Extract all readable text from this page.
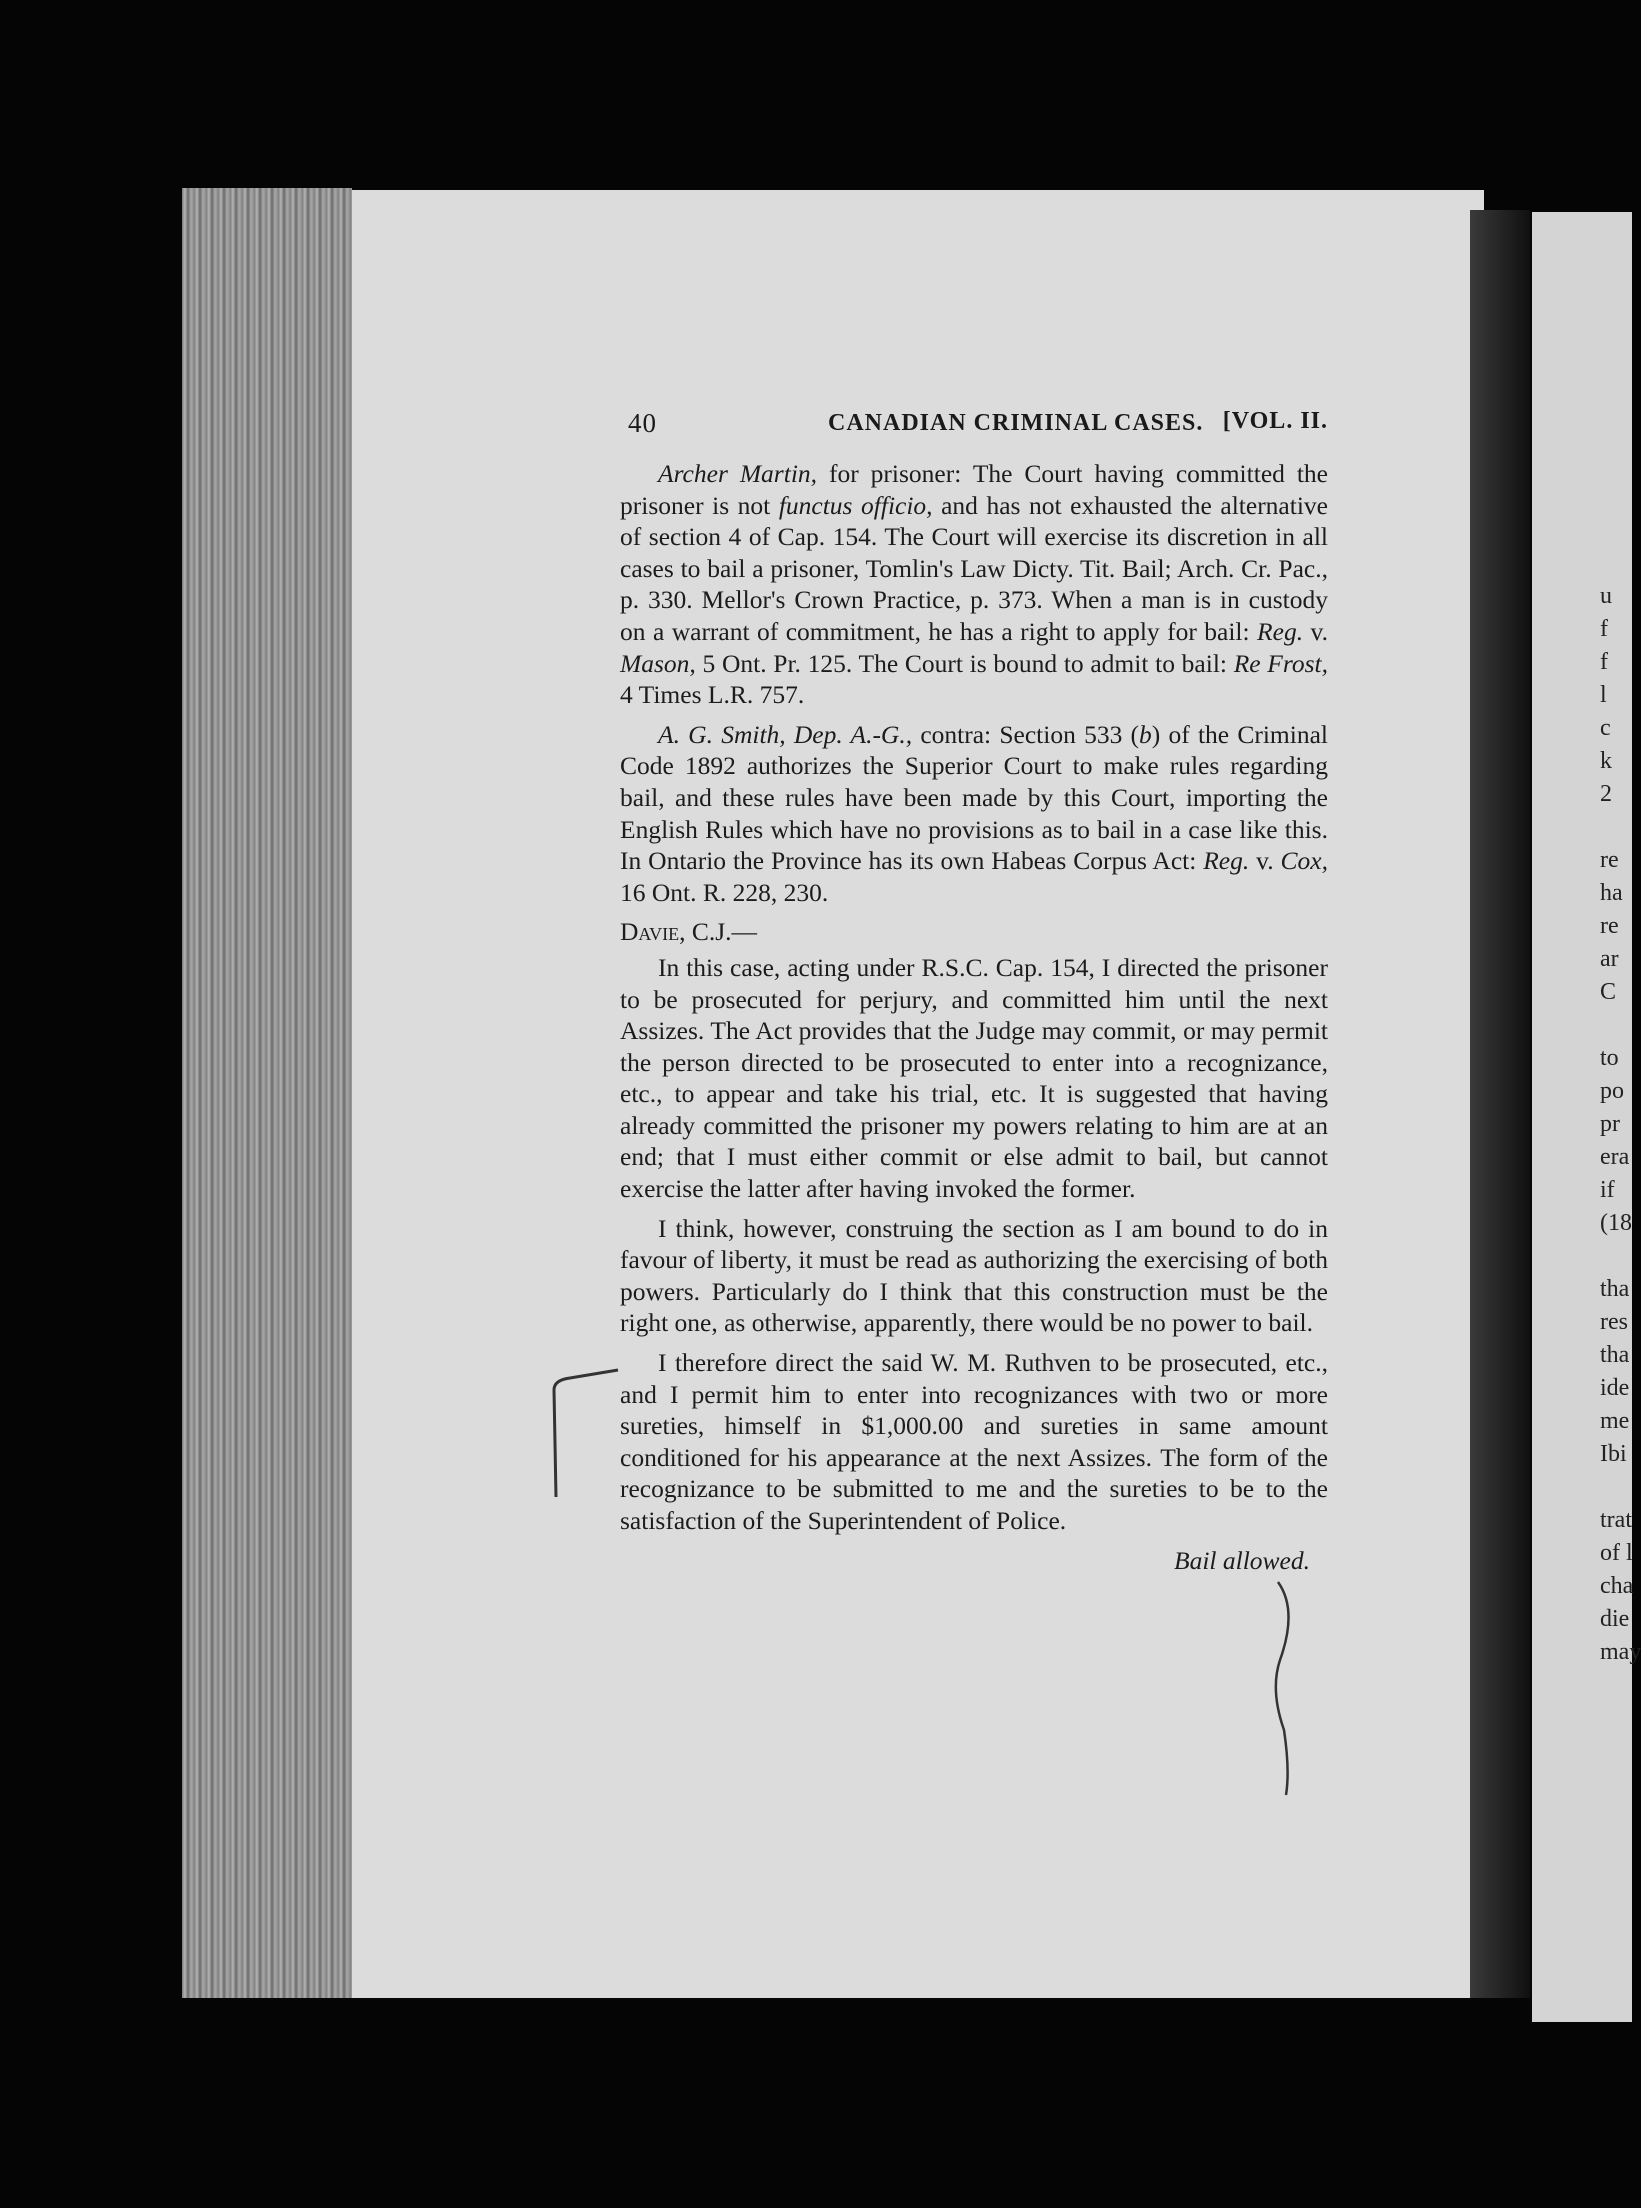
40	CANADIAN CRIMINAL CASES. [VOL. II.

Archer Martin, for prisoner: The Court having committed the prisoner is not functus officio, and has not exhausted the alternative of section 4 of Cap. 154. The Court will exercise its discretion in all cases to bail a prisoner, Tomlin's Law Dicty. Tit. Bail; Arch. Cr. Pac., p. 330. Mellor's Crown Practice, p. 373. When a man is in custody on a warrant of commitment, he has a right to apply for bail: Reg. v. Mason, 5 Ont. Pr. 125. The Court is bound to admit to bail: Re Frost, 4 Times L.R. 757.

A. G. Smith, Dep. A.-G., contra: Section 533 (b) of the Criminal Code 1892 authorizes the Superior Court to make rules regarding bail, and these rules have been made by this Court, importing the English Rules which have no provisions as to bail in a case like this. In Ontario the Province has its own Habeas Corpus Act: Reg. v. Cox, 16 Ont. R. 228, 230.

Davie, C.J.—

In this case, acting under R.S.C. Cap. 154, I directed the prisoner to be prosecuted for perjury, and committed him until the next Assizes. The Act provides that the Judge may commit, or may permit the person directed to be prosecuted to enter into a recognizance, etc., to appear and take his trial, etc. It is suggested that having already committed the prisoner my powers relating to him are at an end; that I must either commit or else admit to bail, but cannot exercise the latter after having invoked the former.

I think, however, construing the section as I am bound to do in favour of liberty, it must be read as authorizing the exercising of both powers. Particularly do I think that this construction must be the right one, as otherwise, apparently, there would be no power to bail.

I therefore direct the said W. M. Ruthven to be prosecuted, etc., and I permit him to enter into recognizances with two or more sureties, himself in $1,000.00 and sureties in same amount conditioned for his appearance at the next Assizes. The form of the recognizance to be submitted to me and the sureties to be to the satisfaction of the Superintendent of Police.

Bail allowed.
u
f
f
l
c
k
2
re
ha
re
ar
C
to
po
pr
era
if
(18
tha
res
tha
ide
me
Ibi
trat
of l
cha
die
may
